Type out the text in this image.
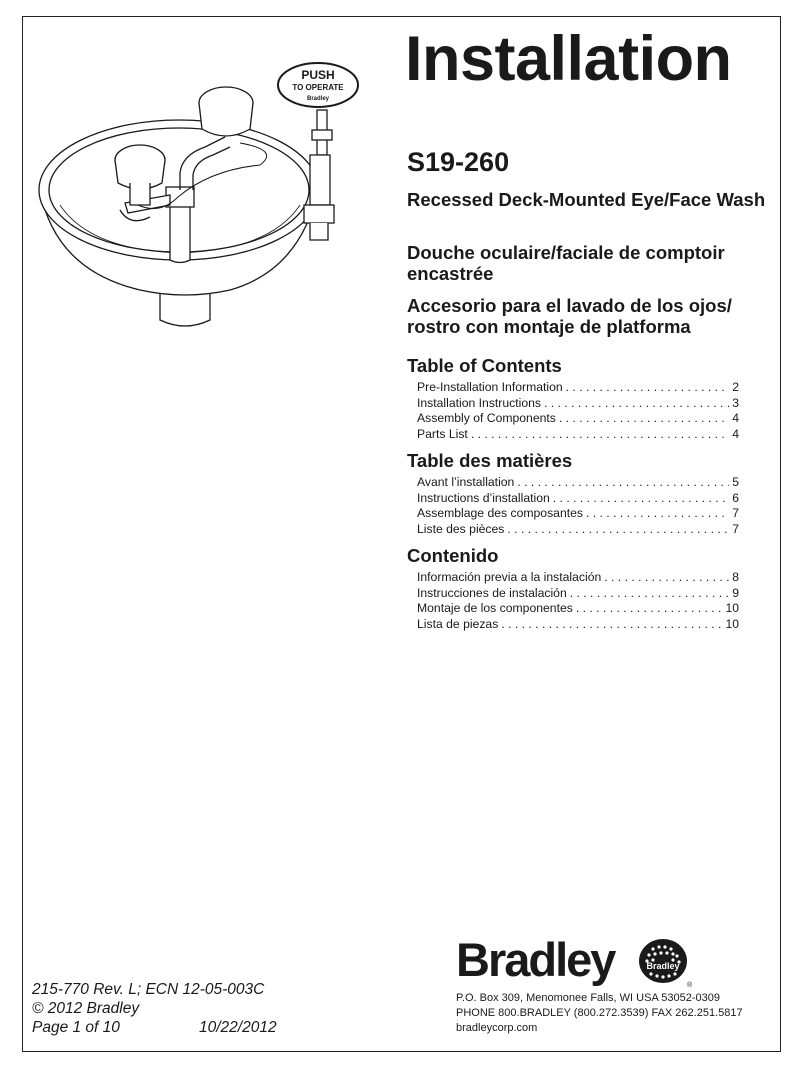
PUSH
TO OPERATE
Bradley
Installation
S19-260
Recessed Deck-Mounted Eye/Face Wash
Douche oculaire/faciale de comptoir encastrée
Accesorio para el lavado de los ojos/ rostro con montaje de platforma
Table of Contents
Pre-Installation Information . . .	2
Installation Instructions . . .	3
Assembly of Components . . .	4
Parts List . . .	4
Table des matières
Avant l’installation . . .	5
Instructions d’installation . . .	6
Assemblage des composantes . . .	7
Liste des pièces . . .	7
Contenido
Información previa a la instalación . . .	8
Instrucciones de instalación . . .	9
Montaje de los componentes . . .	10
Lista de piezas . . .	10
215-770 Rev. L; ECN 12-05-003C
© 2012 Bradley
Page 1 of 10	10/22/2012
Bradley	Bradley
®
P.O. Box 309, Menomonee Falls, WI USA 53052-0309
PHONE 800.BRADLEY (800.272.3539) FAX 262.251.5817
bradleycorp.com
